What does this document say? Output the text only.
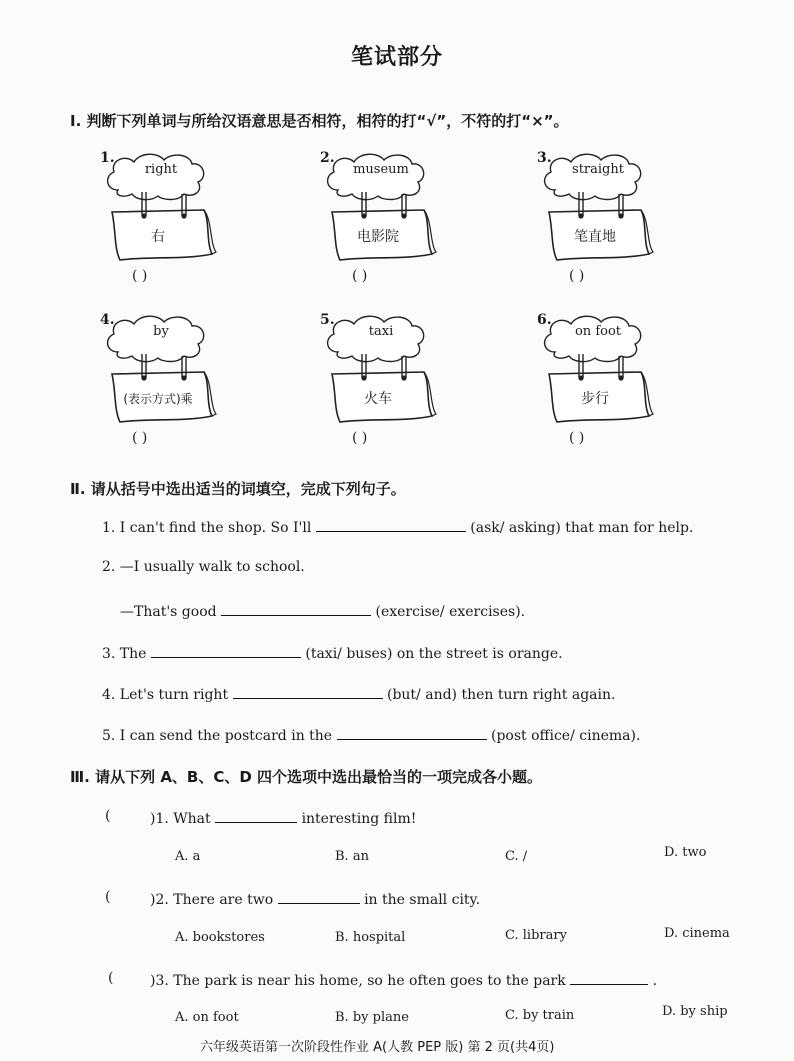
笔试部分
Ⅰ. 判断下列单词与所给汉语意思是否相符，相符的打“√”，不符的打“×”。
1.
right
右
( )
2.
museum
电影院
( )
3.
straight
笔直地
( )
4.
by
(表示方式)乘
( )
5.
taxi
火车
( )
6.
on foot
步行
( )
Ⅱ. 请从括号中选出适当的词填空，完成下列句子。
1. I can't find the shop. So I'll	(ask/ asking) that man for help.
2. —I usually walk to school.
—That's good	(exercise/ exercises).
3. The	(taxi/ buses) on the street is orange.
4. Let's turn right	(but/ and) then turn right again.
5. I can send the postcard in the	(post office/ cinema).
Ⅲ. 请从下列 A、B、C、D 四个选项中选出最恰当的一项完成各小题。
(	)1. What	interesting film!
A. a	B. an	C. /	D. two
(	)2. There are two	in the small city.
A. bookstores	B. hospital	C. library	D. cinema
(	)3. The park is near his home, so he often goes to the park	.
A. on foot	B. by plane	C. by train	D. by ship
六年级英语第一次阶段性作业 A(人教 PEP 版) 第 2 页(共4页)
